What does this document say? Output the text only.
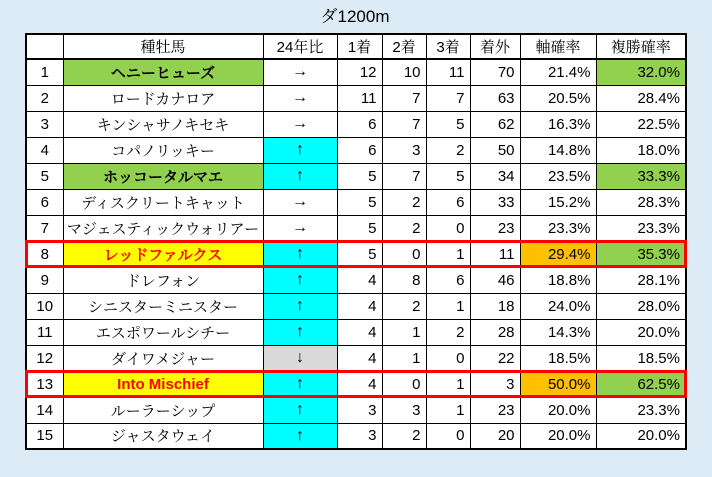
ダ1200m
	種牡馬	24年比	1着	2着	3着	着外	軸確率	複勝確率
1	ヘニーヒューズ	→	12	10	11	70	21.4%	32.0%
2	ロードカナロア	→	11	7	7	63	20.5%	28.4%
3	キンシャサノキセキ	→	6	7	5	62	16.3%	22.5%
4	コパノリッキー	↑	6	3	2	50	14.8%	18.0%
5	ホッコータルマエ	↑	5	7	5	34	23.5%	33.3%
6	ディスクリートキャット	→	5	2	6	33	15.2%	28.3%
7	マジェスティックウォリアー	→	5	2	0	23	23.3%	23.3%
8	レッドファルクス	↑	5	0	1	11	29.4%	35.3%
9	ドレフォン	↑	4	8	6	46	18.8%	28.1%
10	シニスターミニスター	↑	4	2	1	18	24.0%	28.0%
11	エスポワールシチー	↑	4	1	2	28	14.3%	20.0%
12	ダイワメジャー	↓	4	1	0	22	18.5%	18.5%
13	Into Mischief	↑	4	0	1	3	50.0%	62.5%
14	ルーラーシップ	↑	3	3	1	23	20.0%	23.3%
15	ジャスタウェイ	↑	3	2	0	20	20.0%	20.0%
